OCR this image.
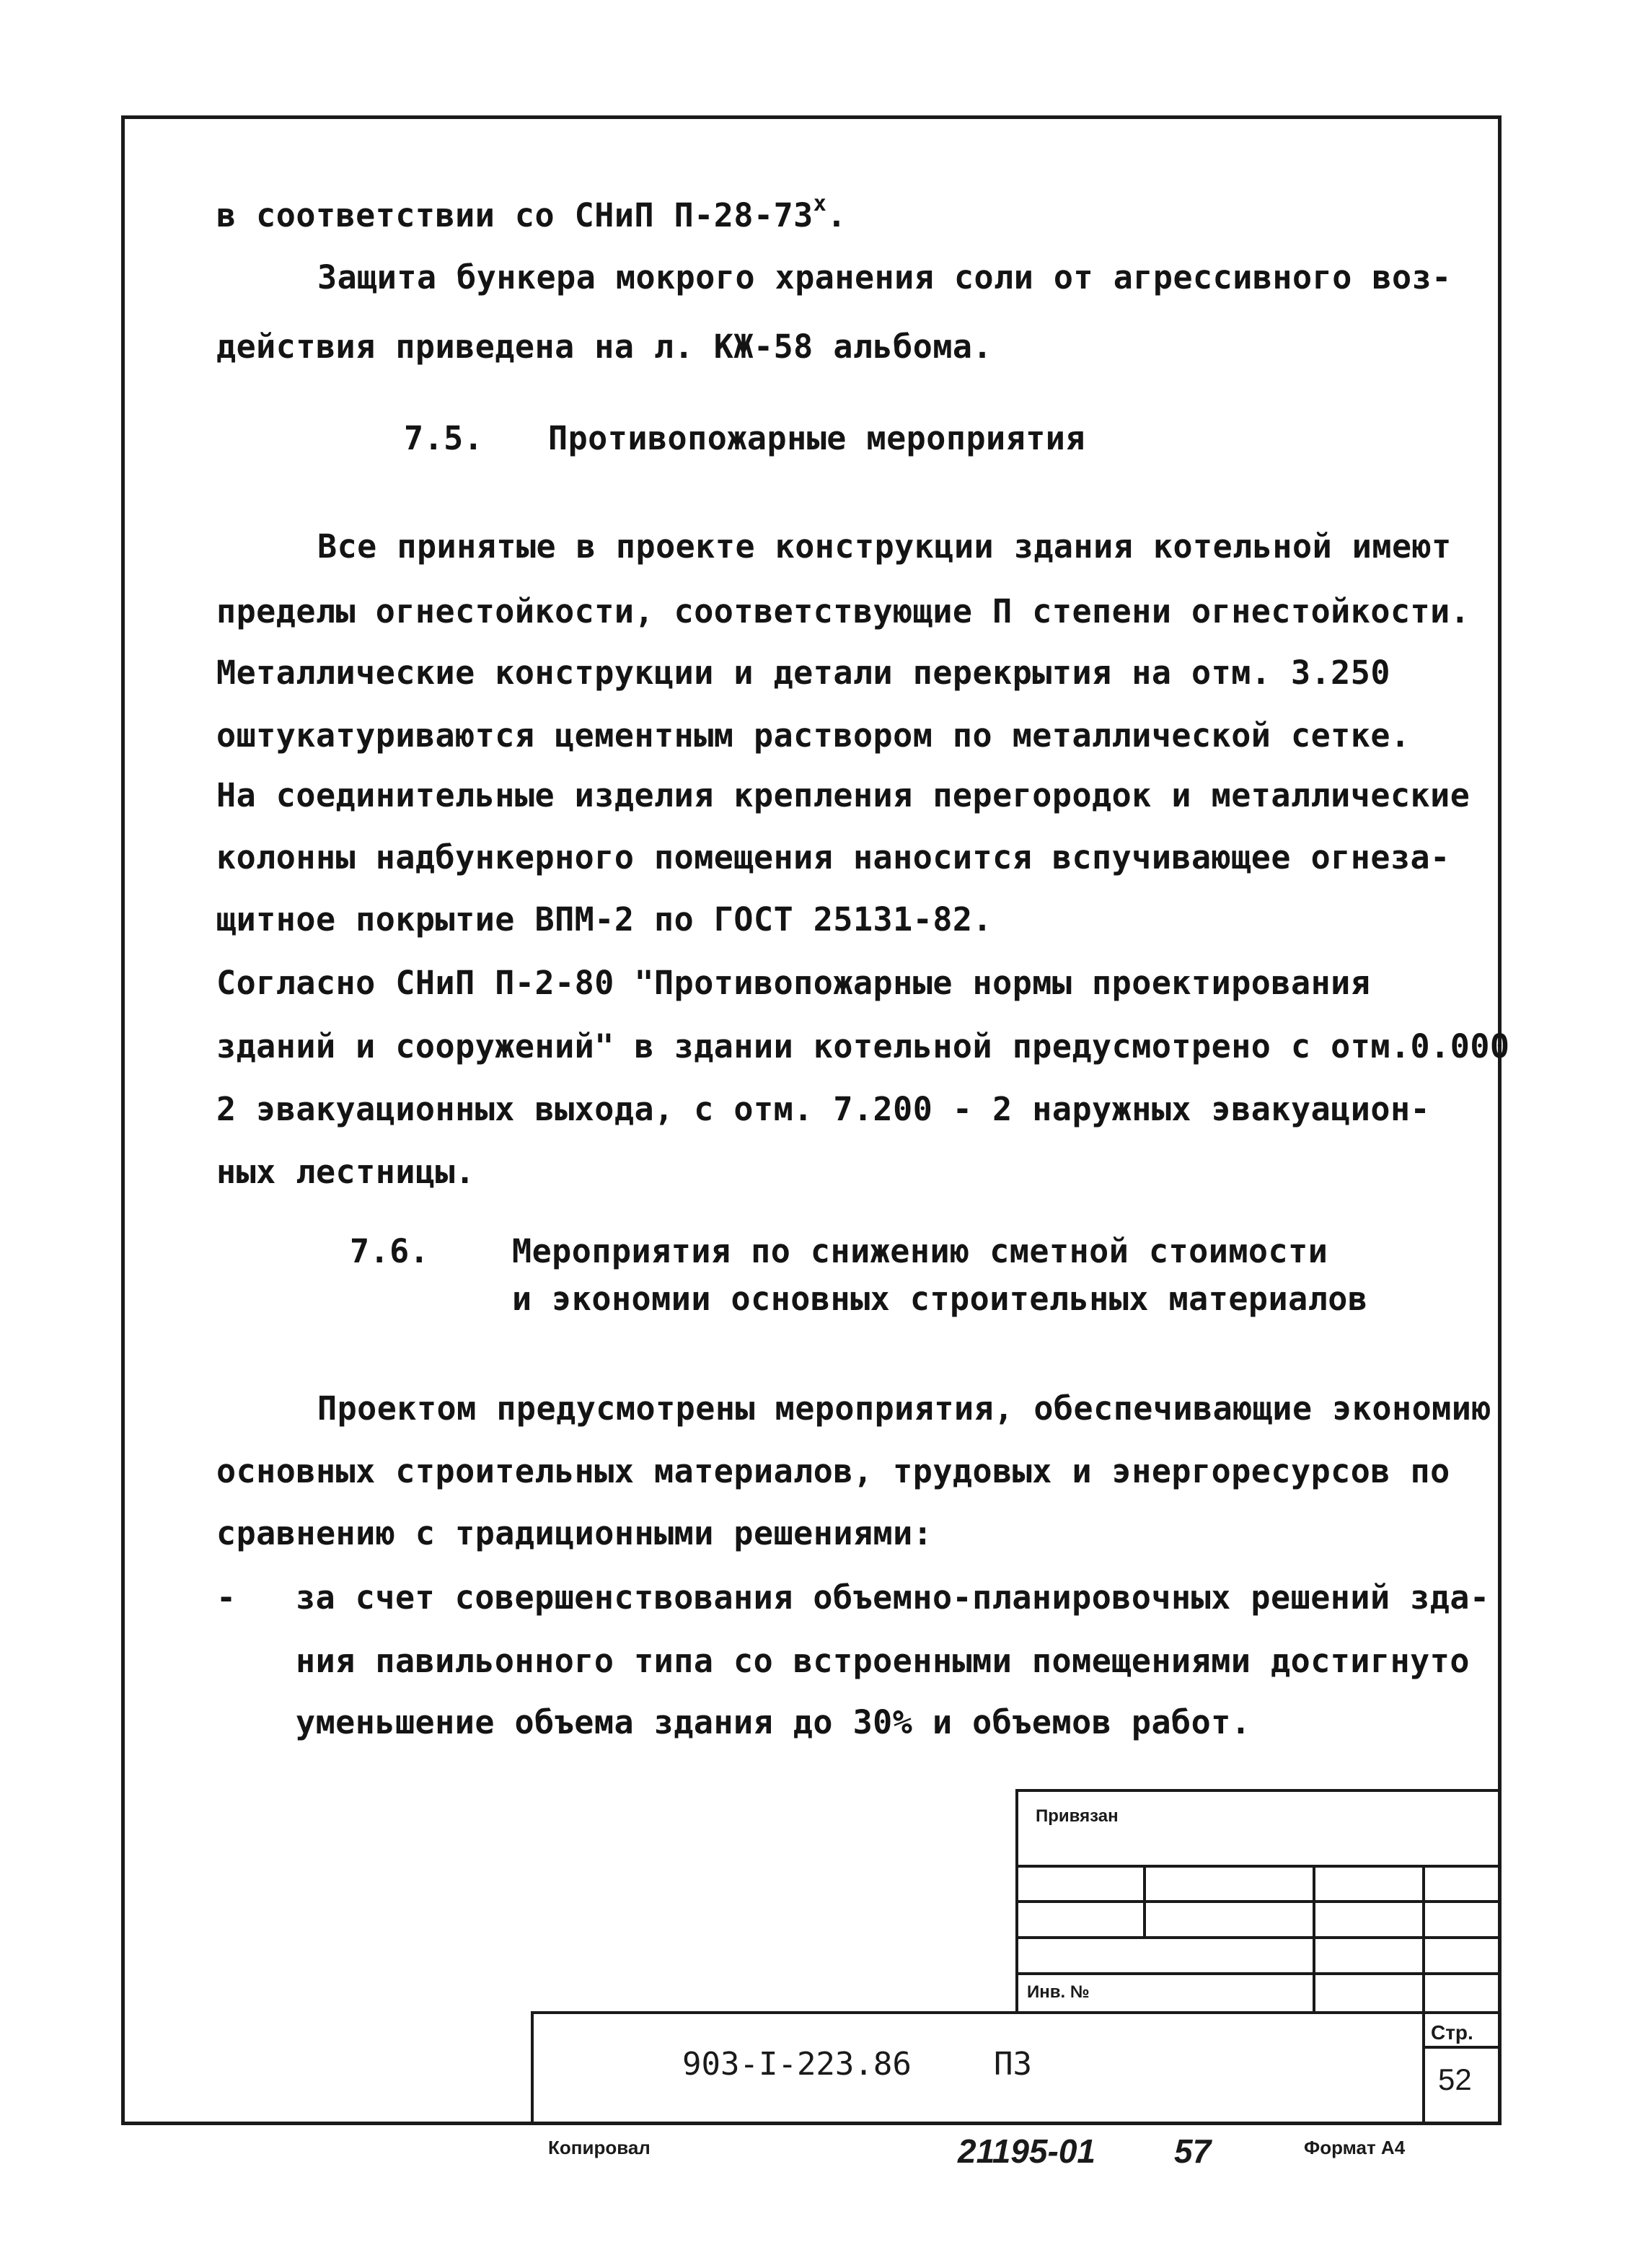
в соответствии со СНиП $П-28-73^х$.
Защита бункера мокрого хранения соли от агрессивного воз-
действия приведена на л. КЖ-58 альбома.
7.5. Противопожарные мероприятия
Все принятые в проекте конструкции здания котельной имеют
пределы огнестойкости, соответствующие П степени огнестойкости.
Металлические конструкции и детали перекрытия на отм. 3.250
оштукатуриваются цементным раствором по металлической сетке.
На соединительные изделия крепления перегородок и металлические
колонны надбункерного помещения наносится вспучивающее огнеза-
щитное покрытие ВПМ-2 по ГОСТ 25131-82.
Согласно СНиП П-2-80 "Противопожарные нормы проектирования
зданий и сооружений" в здании котельной предусмотрено с отм.0.000
2 эвакуационных выхода, с отм. 7.200 - 2 наружных эвакуацион-
ных лестницы.
7.6.	Мероприятия по снижению сметной стоимости
и экономии основных строительных материалов
Проектом предусмотрены мероприятия, обеспечивающие экономию
основных строительных материалов, трудовых и энергоресурсов по
сравнению с традиционными решениями:
- за счет совершенствования объемно-планировочных решений зда-
ния павильонного типа со встроенными помещениями достигнуто
уменьшение объема здания до 30% и объемов работ.
Привязан
Инв. №
903-I-223.86	ПЗ
Стр.
52
Копировал	21195-01 57	Формат А4
